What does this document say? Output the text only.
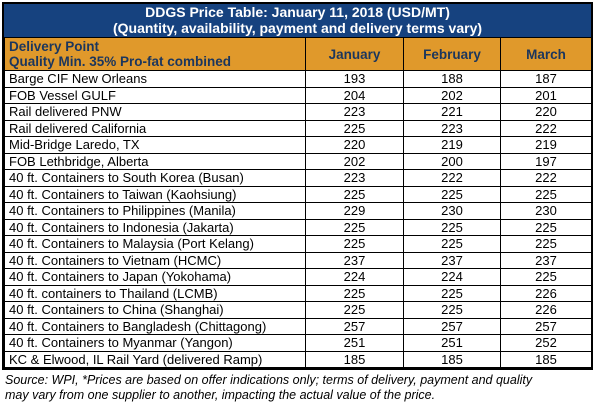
DDGS Price Table: January 11, 2018 (USD/MT)
(Quantity, availability, payment and delivery terms vary)
Delivery Point
Quality Min. 35% Pro-fat combined	January	February	March
Barge CIF New Orleans	193	188	187
FOB Vessel GULF	204	202	201
Rail delivered PNW	223	221	220
Rail delivered California	225	223	222
Mid-Bridge Laredo, TX	220	219	219
FOB Lethbridge, Alberta	202	200	197
40 ft. Containers to South Korea (Busan)	223	222	222
40 ft. Containers to Taiwan (Kaohsiung)	225	225	225
40 ft. Containers to Philippines (Manila)	229	230	230
40 ft. Containers to Indonesia (Jakarta)	225	225	225
40 ft. Containers to Malaysia (Port Kelang)	225	225	225
40 ft. Containers to Vietnam (HCMC)	237	237	237
40 ft. Containers to Japan (Yokohama)	224	224	225
40 ft. containers to Thailand (LCMB)	225	225	226
40 ft. Containers to China (Shanghai)	225	225	226
40 ft. Containers to Bangladesh (Chittagong)	257	257	257
40 ft. Containers to Myanmar (Yangon)	251	251	252
KC & Elwood, IL Rail Yard (delivered Ramp)	185	185	185
Source: WPI, *Prices are based on offer indications only; terms of delivery, payment and quality
may vary from one supplier to another, impacting the actual value of the price.
